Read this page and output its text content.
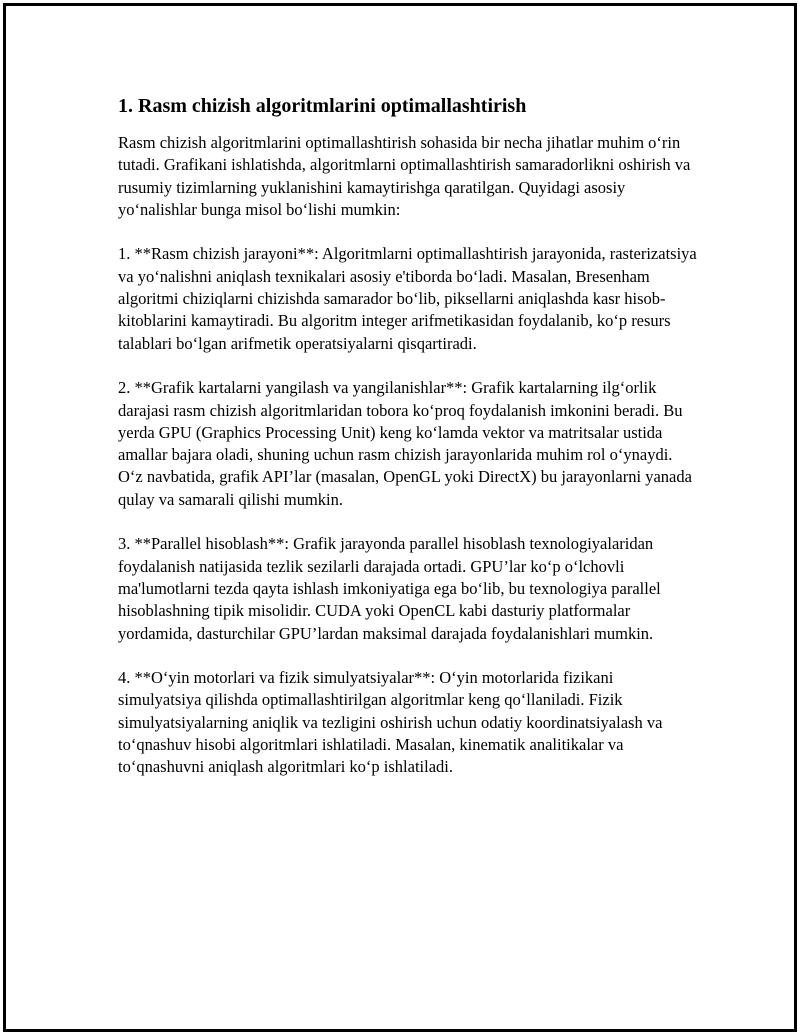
1. Rasm chizish algoritmlarini optimallashtirish

Rasm chizish algoritmlarini optimallashtirish sohasida bir necha jihatlar muhim o‘rin tutadi. Grafikani ishlatishda, algoritmlarni optimallashtirish samaradorlikni oshirish va rusumiy tizimlarning yuklanishini kamaytirishga qaratilgan. Quyidagi asosiy yo‘nalishlar bunga misol bo‘lishi mumkin:

1. **Rasm chizish jarayoni**: Algoritmlarni optimallashtirish jarayonida, rasterizatsiya va yo‘nalishni aniqlash texnikalari asosiy e'tiborda bo‘ladi. Masalan, Bresenham algoritmi chiziqlarni chizishda samarador bo‘lib, piksellarni aniqlashda kasr hisob-kitoblarini kamaytiradi. Bu algoritm integer arifmetikasidan foydalanib, ko‘p resurs talablari bo‘lgan arifmetik operatsiyalarni qisqartiradi.

2. **Grafik kartalarni yangilash va yangilanishlar**: Grafik kartalarning ilg‘orlik darajasi rasm chizish algoritmlaridan tobora ko‘proq foydalanish imkonini beradi. Bu yerda GPU (Graphics Processing Unit) keng ko‘lamda vektor va matritsalar ustida amallar bajara oladi, shuning uchun rasm chizish jarayonlarida muhim rol o‘ynaydi. O‘z navbatida, grafik API’lar (masalan, OpenGL yoki DirectX) bu jarayonlarni yanada qulay va samarali qilishi mumkin.

3. **Parallel hisoblash**: Grafik jarayonda parallel hisoblash texnologiyalaridan foydalanish natijasida tezlik sezilarli darajada ortadi. GPU’lar ko‘p o‘lchovli ma'lumotlarni tezda qayta ishlash imkoniyatiga ega bo‘lib, bu texnologiya parallel hisoblashning tipik misolidir. CUDA yoki OpenCL kabi dasturiy platformalar yordamida, dasturchilar GPU’lardan maksimal darajada foydalanishlari mumkin.

4. **O‘yin motorlari va fizik simulyatsiyalar**: O‘yin motorlarida fizikani simulyatsiya qilishda optimallashtirilgan algoritmlar keng qo‘llaniladi. Fizik simulyatsiyalarning aniqlik va tezligini oshirish uchun odatiy koordinatsiyalash va to‘qnashuv hisobi algoritmlari ishlatiladi. Masalan, kinematik analitikalar va to‘qnashuvni aniqlash algoritmlari ko‘p ishlatiladi.
